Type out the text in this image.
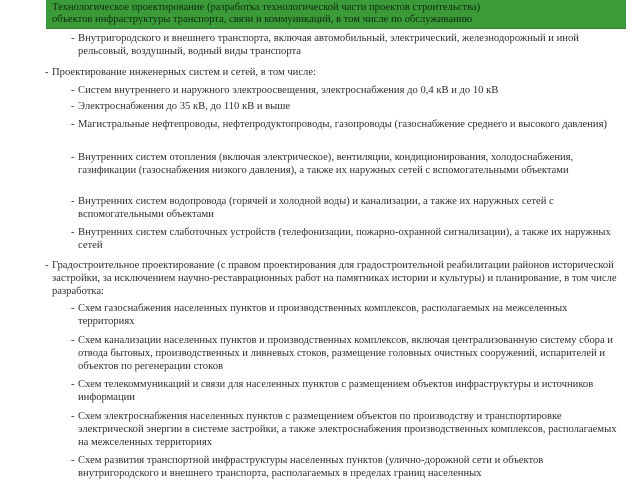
Технологическое проектирование (разработка технологической части проектов строительства)
объектов инфраструктуры транспорта, связи и коммуникаций, в том числе по обслуживанию
- Внутригородского и внешнего транспорта, включая автомобильный, электрический, железнодорожный и иной рельсовый, воздушный, водный виды транспорта
- Проектирование инженерных систем и сетей, в том числе:
- Систем внутреннего и наружного электроосвещения, электроснабжения до 0,4 кВ и до 10 кВ
- Электроснабжения до 35 кВ, до 110 кВ и выше
- Магистральные нефтепроводы, нефтепродуктопроводы, газопроводы (газоснабжение среднего и высокого давления)
- Внутренних систем отопления (включая электрическое), вентиляции, кондиционирования, холодоснабжения, газификации (газоснабжения низкого давления), а также их наружных сетей с вспомогательными объектами
- Внутренних систем водопровода (горячей и холодной воды) и канализации, а также их наружных сетей с вспомогательными объектами
- Внутренних систем слаботочных устройств (телефонизации, пожарно-охранной сигнализации), а также их наружных сетей
- Градостроительное проектирование (с правом проектирования для градостроительной реабилитации районов исторической застройки, за исключением научно-реставрационных работ на памятниках истории и культуры) и планирование, в том числе разработка:
- Схем газоснабжения населенных пунктов и производственных комплексов, располагаемых на межселенных территориях
- Схем канализации населенных пунктов и производственных комплексов, включая централизованную систему сбора и отвода бытовых, производственных и ливневых стоков, размещение головных очистных сооружений, испарителей и объектов по регенерации стоков
- Схем телекоммуникаций и связи для населенных пунктов с размещением объектов инфраструктуры и источников информации
- Схем электроснабжения населенных пунктов с размещением объектов по производству и транспортировке электрической энергии в системе застройки, а также электроснабжения производственных комплексов, располагаемых на межселенных территориях
- Схем развития транспортной инфраструктуры населенных пунктов (улично-дорожной сети и объектов внутригородского и внешнего транспорта, располагаемых в пределах границ населенных
